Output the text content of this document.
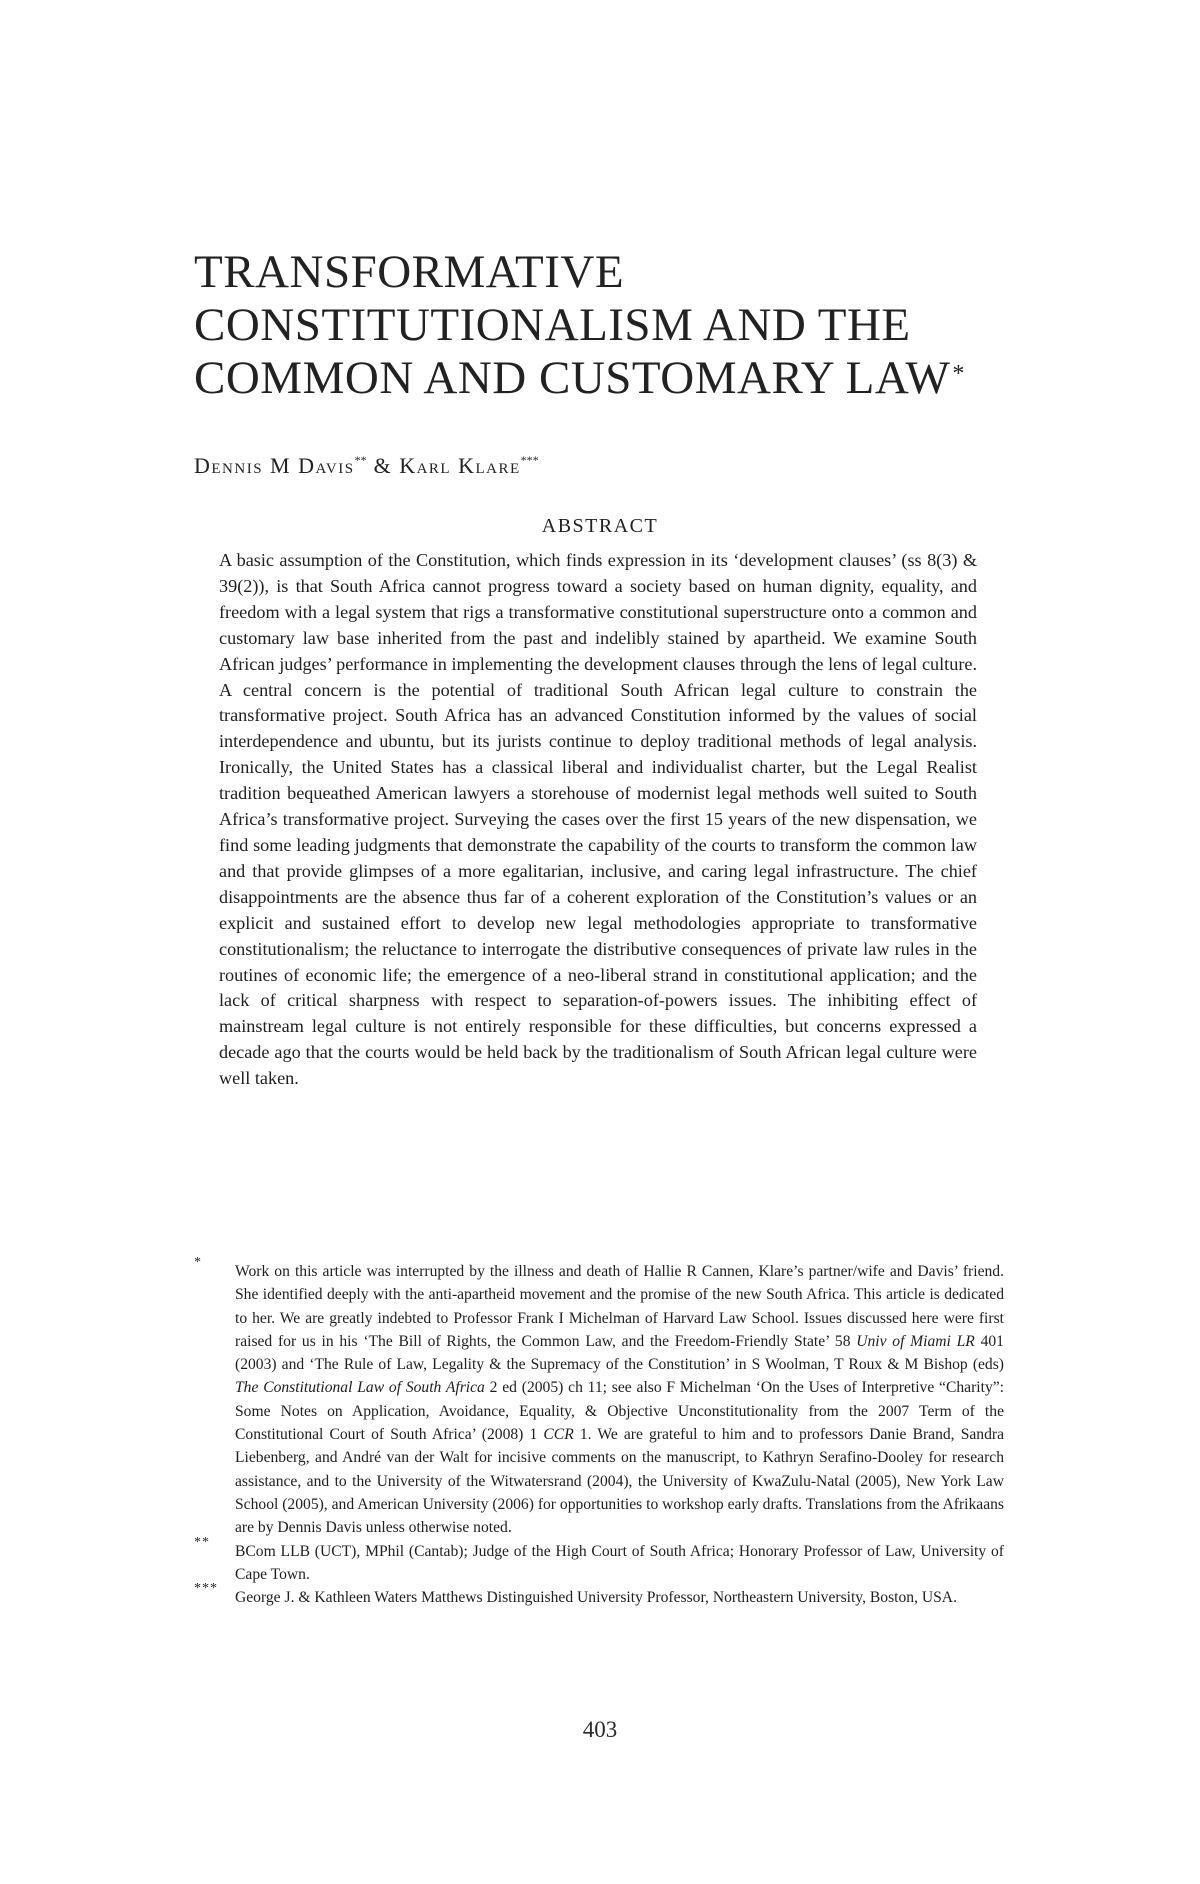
TRANSFORMATIVE
CONSTITUTIONALISM AND THE
COMMON AND CUSTOMARY LAW*
Dennis M Davis** & Karl Klare***
ABSTRACT

A basic assumption of the Constitution, which finds expression in its ‘development clauses’ (ss 8(3) & 39(2)), is that South Africa cannot progress toward a society based on human dignity, equality, and freedom with a legal system that rigs a transformative constitutional superstructure onto a common and customary law base inherited from the past and indelibly stained by apartheid. We examine South African judges’ performance in implementing the development clauses through the lens of legal culture. A central concern is the potential of traditional South African legal culture to constrain the transformative project. South Africa has an advanced Constitution informed by the values of social interdependence and ubuntu, but its jurists continue to deploy traditional methods of legal analysis. Ironically, the United States has a classical liberal and individualist charter, but the Legal Realist tradition bequeathed American lawyers a storehouse of modernist legal methods well suited to South Africa’s transformative project. Surveying the cases over the first 15 years of the new dispensation, we find some leading judgments that demonstrate the capability of the courts to transform the common law and that provide glimpses of a more egalitarian, inclusive, and caring legal infrastructure. The chief disappointments are the absence thus far of a coherent exploration of the Constitution’s values or an explicit and sustained effort to develop new legal methodologies appropriate to transformative constitutionalism; the reluctance to interrogate the distributive consequences of private law rules in the routines of economic life; the emergence of a neo-liberal strand in constitutional application; and the lack of critical sharpness with respect to separation-of-powers issues. The inhibiting effect of mainstream legal culture is not entirely responsible for these difficulties, but concerns expressed a decade ago that the courts would be held back by the traditionalism of South African legal culture were well taken.

*
Work on this article was interrupted by the illness and death of Hallie R Cannen, Klare’s partner/wife and Davis’ friend. She identified deeply with the anti-apartheid movement and the promise of the new South Africa. This article is dedicated to her. We are greatly indebted to Professor Frank I Michelman of Harvard Law School. Issues discussed here were first raised for us in his ‘The Bill of Rights, the Common Law, and the Freedom-Friendly State’ 58 Univ of Miami LR 401 (2003) and ‘The Rule of Law, Legality & the Supremacy of the Constitution’ in S Woolman, T Roux & M Bishop (eds) The Constitutional Law of South Africa 2 ed (2005) ch 11; see also F Michelman ‘On the Uses of Interpretive “Charity”: Some Notes on Application, Avoidance, Equality, & Objective Unconstitutionality from the 2007 Term of the Constitutional Court of South Africa’ (2008) 1 CCR 1. We are grateful to him and to professors Danie Brand, Sandra Liebenberg, and André van der Walt for incisive comments on the manuscript, to Kathryn Serafino-Dooley for research assistance, and to the University of the Witwatersrand (2004), the University of KwaZulu-Natal (2005), New York Law School (2005), and American University (2006) for opportunities to workshop early drafts. Translations from the Afrikaans are by Dennis Davis unless otherwise noted.
**
BCom LLB (UCT), MPhil (Cantab); Judge of the High Court of South Africa; Honorary Professor of Law, University of Cape Town.
***
George J. & Kathleen Waters Matthews Distinguished University Professor, Northeastern University, Boston, USA.
403
